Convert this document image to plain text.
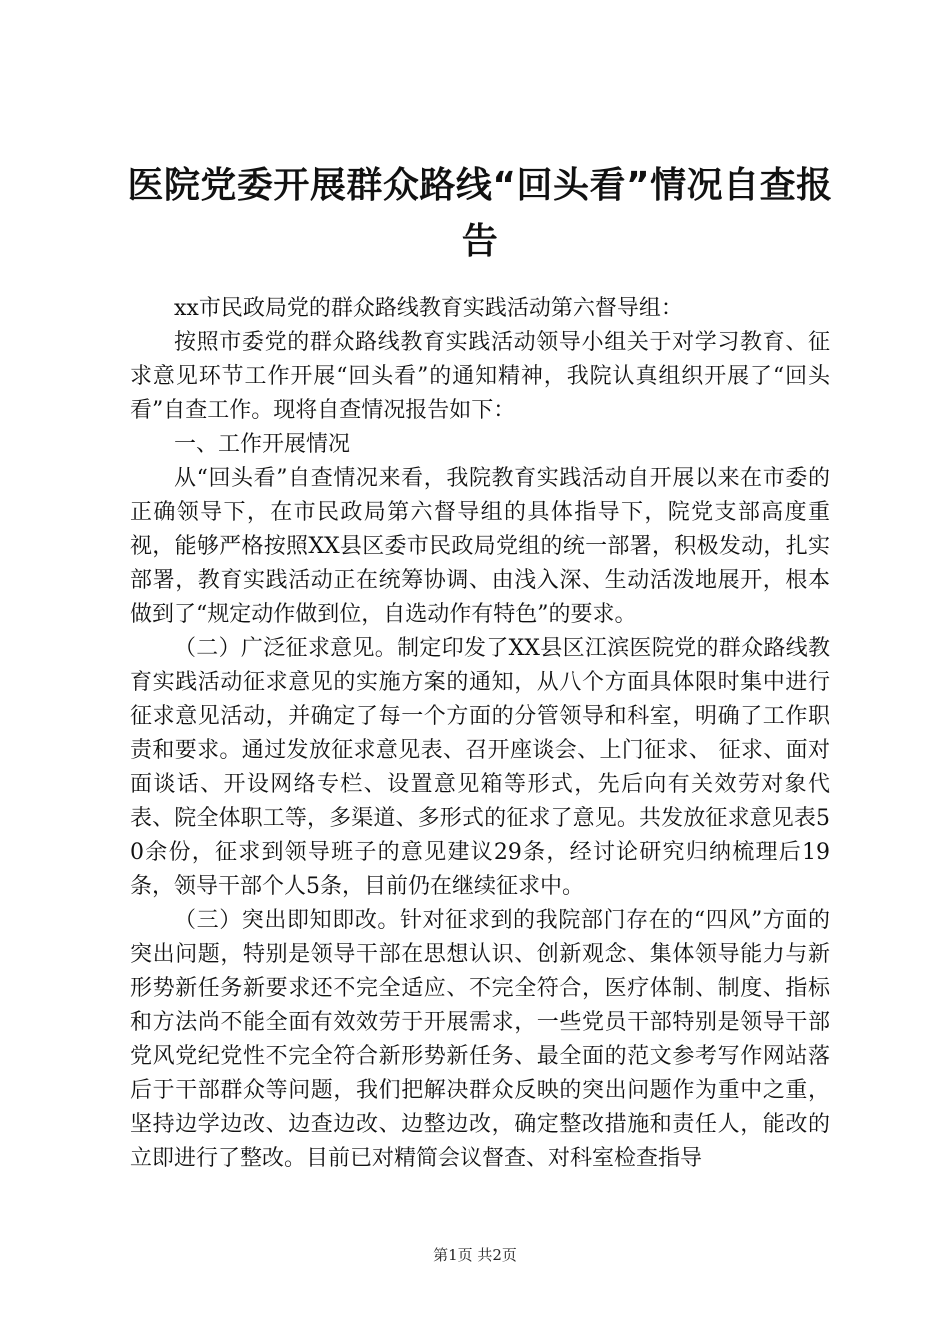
医院党委开展群众路线“回头看”情况自查报告

xx市民政局党的群众路线教育实践活动第六督导组：

按照市委党的群众路线教育实践活动领导小组关于对学习教育、征求意见环节工作开展“回头看”的通知精神，我院认真组织开展了“回头看”自查工作。现将自查情况报告如下：

一、工作开展情况

从“回头看”自查情况来看，我院教育实践活动自开展以来在市委的正确领导下，在市民政局第六督导组的具体指导下，院党支部高度重视，能够严格按照XX县区委市民政局党组的统一部署，积极发动，扎实部署，教育实践活动正在统筹协调、由浅入深、生动活泼地展开，根本做到了“规定动作做到位，自选动作有特色”的要求。

（二）广泛征求意见。制定印发了XX县区江滨医院党的群众路线教育实践活动征求意见的实施方案的通知，从八个方面具体限时集中进行征求意见活动，并确定了每一个方面的分管领导和科室，明确了工作职责和要求。通过发放征求意见表、召开座谈会、上门征求、 征求、面对面谈话、开设网络专栏、设置意见箱等形式，先后向有关效劳对象代表、院全体职工等，多渠道、多形式的征求了意见。共发放征求意见表50余份，征求到领导班子的意见建议29条，经讨论研究归纳梳理后19条，领导干部个人5条，目前仍在继续征求中。

（三）突出即知即改。针对征求到的我院部门存在的“四风”方面的突出问题，特别是领导干部在思想认识、创新观念、集体领导能力与新形势新任务新要求还不完全适应、不完全符合，医疗体制、制度、指标和方法尚不能全面有效效劳于开展需求，一些党员干部特别是领导干部党风党纪党性不完全符合新形势新任务、最全面的范文参考写作网站落后于干部群众等问题，我们把解决群众反映的突出问题作为重中之重，坚持边学边改、边查边改、边整边改，确定整改措施和责任人，能改的立即进行了整改。目前已对精简会议督查、对科室检查指导

第1页 共2页
